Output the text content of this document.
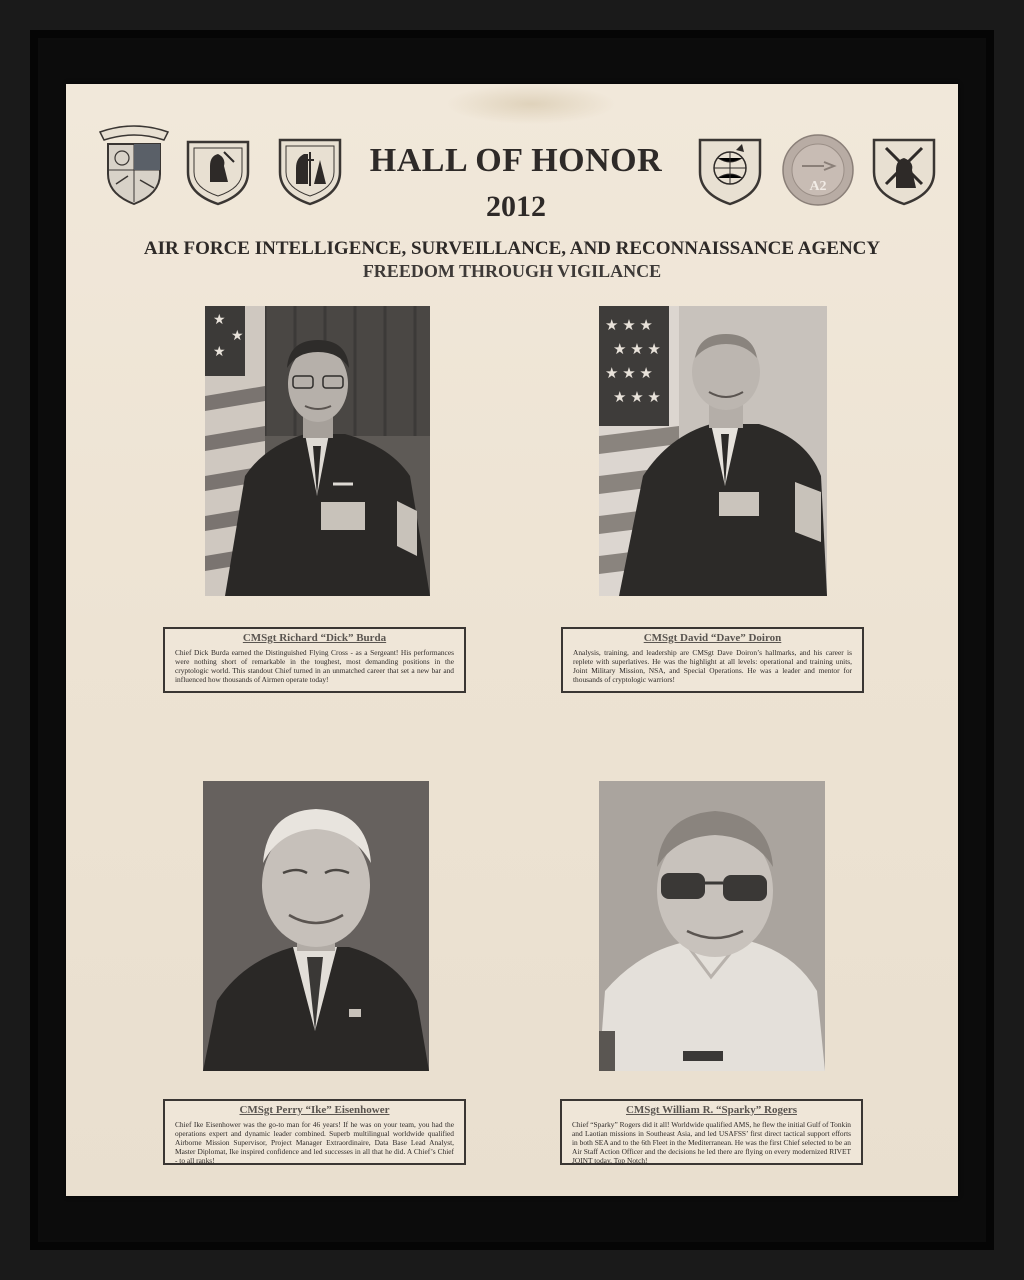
HALL OF HONOR
2012
A2
AIR FORCE INTELLIGENCE, SURVEILLANCE, AND RECONNAISSANCE AGENCY
FREEDOM THROUGH VIGILANCE
★
★
★
★ ★ ★
★ ★ ★
★ ★ ★
★ ★ ★
CMSgt Richard “Dick” Burda
Chief Dick Burda earned the Distinguished Flying Cross - as a Sergeant! His performances were nothing short of remarkable in the toughest, most demanding positions in the cryptologic world. This standout Chief turned in an unmatched career that set a new bar and influenced how thousands of Airmen operate today!
CMSgt David “Dave” Doiron
Analysis, training, and leadership are CMSgt Dave Doiron’s hallmarks, and his career is replete with superlatives. He was the highlight at all levels: operational and training units, Joint Military Mission, NSA, and Special Operations. He was a leader and mentor for thousands of cryptologic warriors!
CMSgt Perry “Ike” Eisenhower
Chief Ike Eisenhower was the go-to man for 46 years! If he was on your team, you had the operations expert and dynamic leader combined. Superb multilingual worldwide qualified Airborne Mission Supervisor, Project Manager Extraordinaire, Data Base Lead Analyst, Master Diplomat, Ike inspired confidence and led successes in all that he did. A Chief’s Chief - to all ranks!
CMSgt William R. “Sparky” Rogers
Chief “Sparky” Rogers did it all! Worldwide qualified AMS, he flew the initial Gulf of Tonkin and Laotian missions in Southeast Asia, and led USAFSS’ first direct tactical support efforts in both SEA and to the 6th Fleet in the Mediterranean. He was the first Chief selected to be an Air Staff Action Officer and the decisions he led there are flying on every modernized RIVET JOINT today. Top Notch!
